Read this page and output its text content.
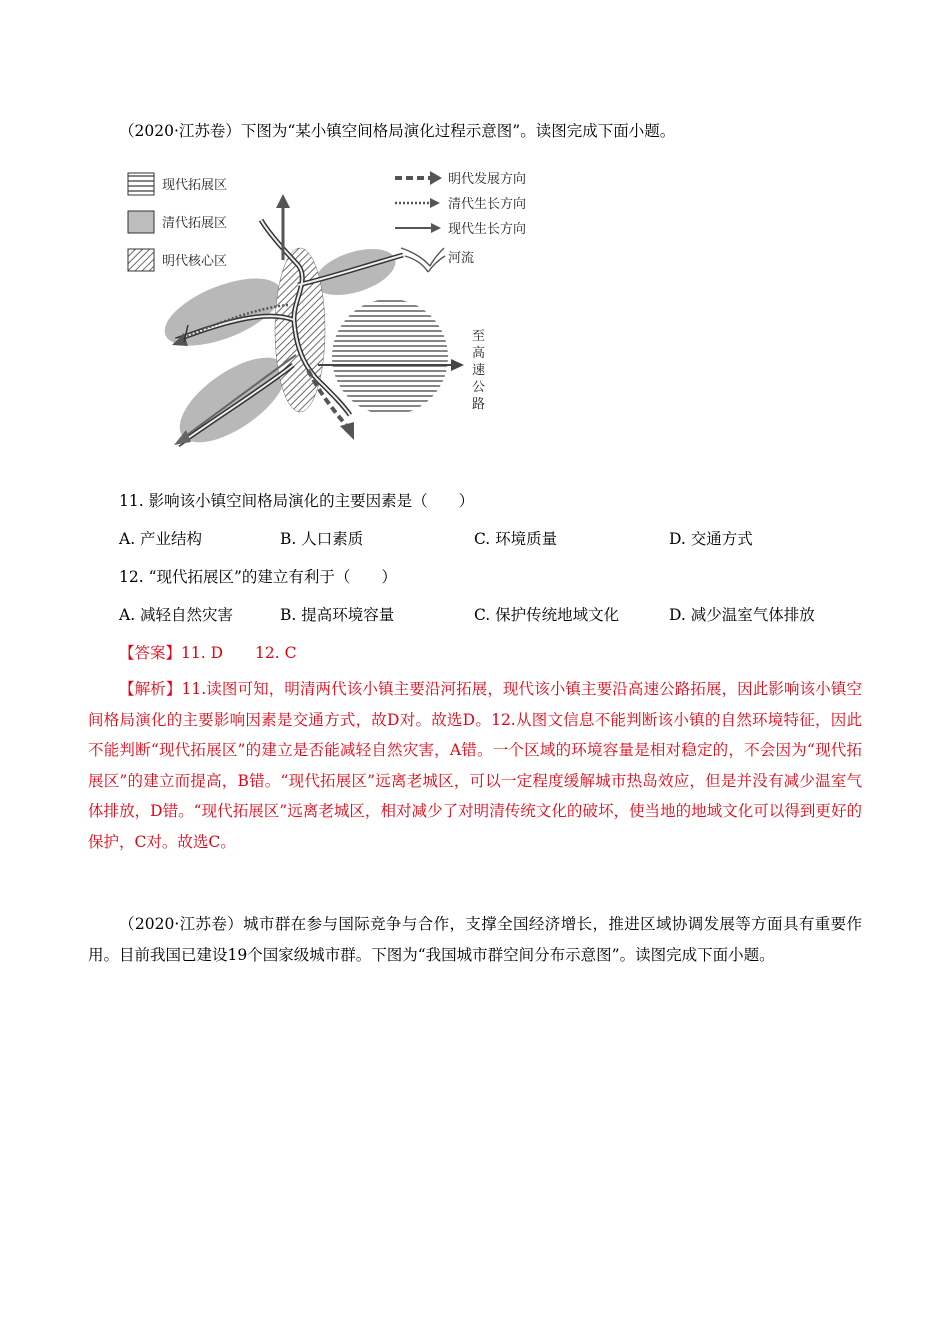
（2020·江苏卷）下图为“某小镇空间格局演化过程示意图”。读图完成下面小题。
现代拓展区
清代拓展区
明代核心区
明代发展方向
清代生长方向
现代生长方向
河流
至
高
速
公
路
11. 影响该小镇空间格局演化的主要因素是（　　）
A. 产业结构	B. 人口素质	C. 环境质量	D. 交通方式
12. “现代拓展区”的建立有利于（　　）
A. 减轻自然灾害	B. 提高环境容量	C. 保护传统地域文化	D. 减少温室气体排放
【答案】11. D 12. C
【解析】11.读图可知，明清两代该小镇主要沿河拓展，现代该小镇主要沿高速公路拓展，因此影响该小镇空间格局演化的主要影响因素是交通方式，故D对。故选D。12.从图文信息不能判断该小镇的自然环境特征，因此不能判断“现代拓展区”的建立是否能减轻自然灾害，A错。一个区域的环境容量是相对稳定的，不会因为“现代拓展区”的建立而提高，B错。“现代拓展区”远离老城区，可以一定程度缓解城市热岛效应，但是并没有减少温室气体排放，D错。“现代拓展区”远离老城区，相对减少了对明清传统文化的破坏，使当地的地域文化可以得到更好的保护，C对。故选C。
（2020·江苏卷）城市群在参与国际竞争与合作，支撑全国经济增长，推进区域协调发展等方面具有重要作用。目前我国已建设19个国家级城市群。下图为“我国城市群空间分布示意图”。读图完成下面小题。
